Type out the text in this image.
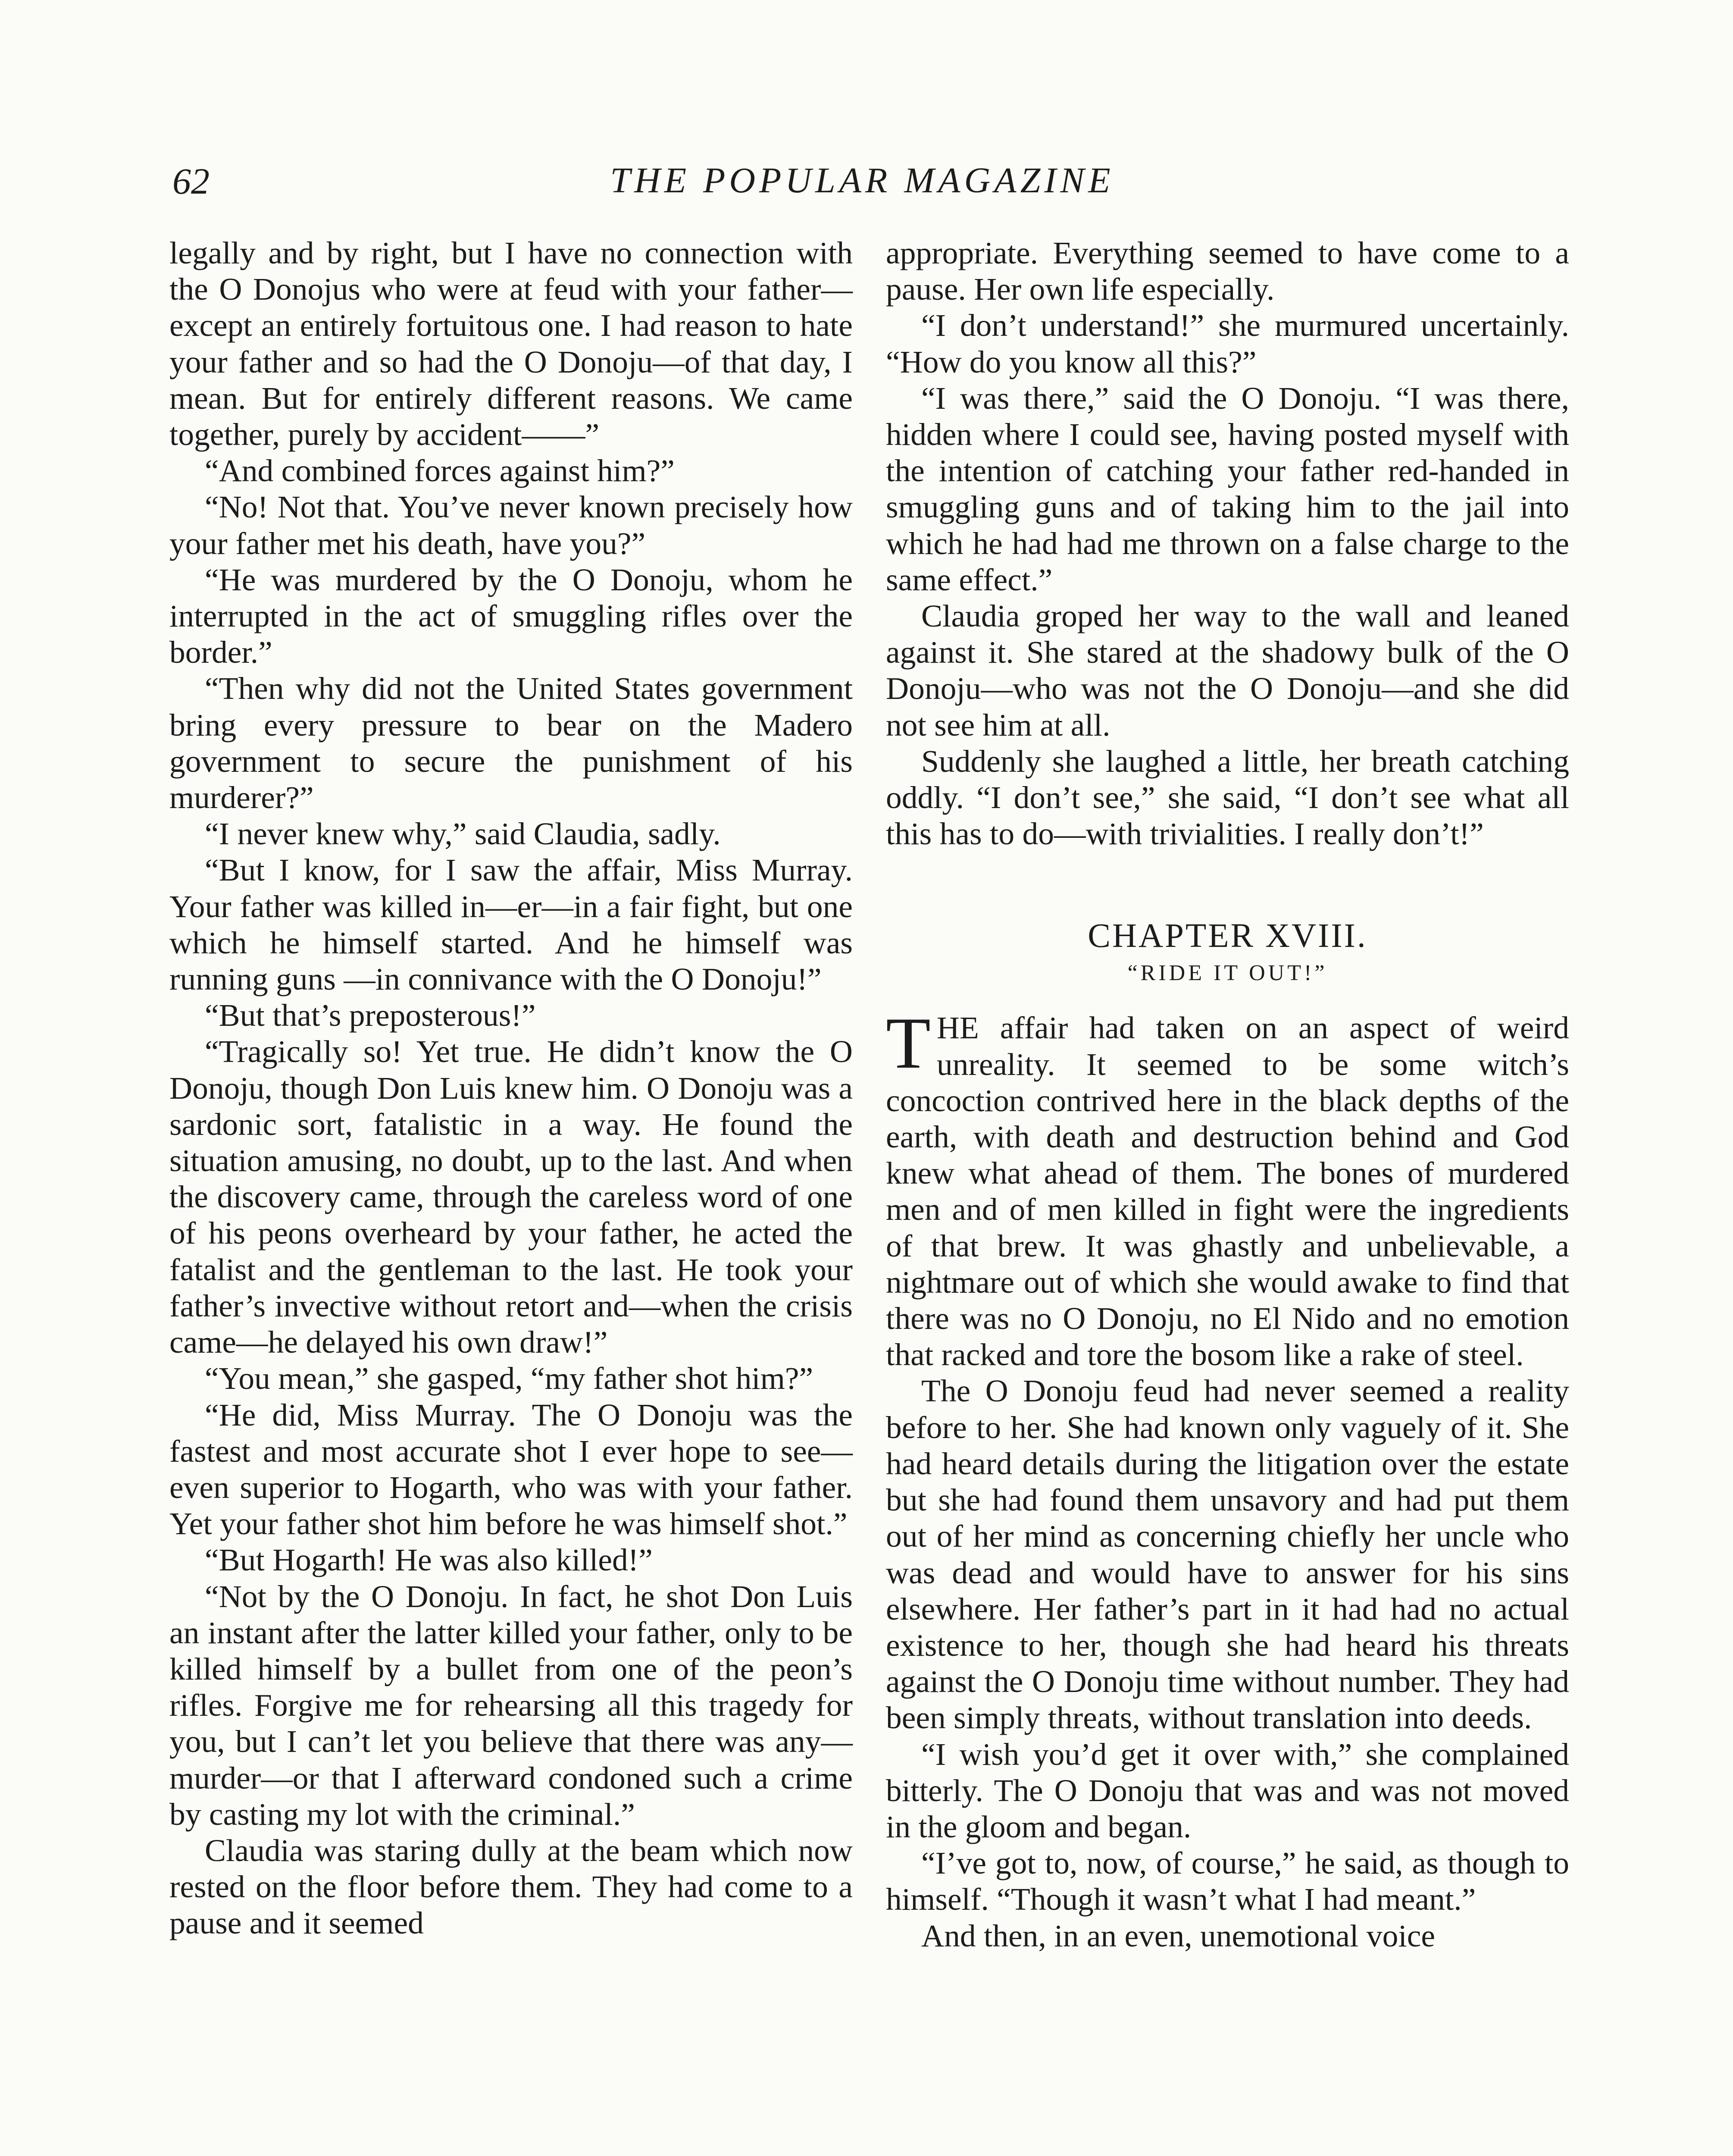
62	THE POPULAR MAGAZINE

legally and by right, but I have no connection with the O Donojus who were at feud with your father—except an entirely fortuitous one. I had reason to hate your father and so had the O Donoju—of that day, I mean. But for entirely different reasons. We came together, purely by accident——”

“And combined forces against him?”

“No! Not that. You’ve never known precisely how your father met his death, have you?”

“He was murdered by the O Donoju, whom he interrupted in the act of smuggling rifles over the border.”

“Then why did not the United States government bring every pressure to bear on the Madero government to secure the punishment of his murderer?”

“I never knew why,” said Claudia, sadly.

“But I know, for I saw the affair, Miss Murray. Your father was killed in—er—in a fair fight, but one which he himself started. And he himself was running guns —in connivance with the O Donoju!”

“But that’s preposterous!”

“Tragically so! Yet true. He didn’t know the O Donoju, though Don Luis knew him. O Donoju was a sardonic sort, fatalistic in a way. He found the situation amusing, no doubt, up to the last. And when the discovery came, through the careless word of one of his peons overheard by your father, he acted the fatalist and the gentleman to the last. He took your father’s invective without retort and—when the crisis came—he delayed his own draw!”

“You mean,” she gasped, “my father shot him?”

“He did, Miss Murray. The O Donoju was the fastest and most accurate shot I ever hope to see—even superior to Hogarth, who was with your father. Yet your father shot him before he was himself shot.”

“But Hogarth! He was also killed!”

“Not by the O Donoju. In fact, he shot Don Luis an instant after the latter killed your father, only to be killed himself by a bullet from one of the peon’s rifles. Forgive me for rehearsing all this tragedy for you, but I can’t let you believe that there was any—murder—or that I afterward condoned such a crime by casting my lot with the criminal.”

Claudia was staring dully at the beam which now rested on the floor before them. They had come to a pause and it seemed

appropriate. Everything seemed to have come to a pause. Her own life especially.

“I don’t understand!” she murmured uncertainly. “How do you know all this?”

“I was there,” said the O Donoju. “I was there, hidden where I could see, having posted myself with the intention of catching your father red-handed in smuggling guns and of taking him to the jail into which he had had me thrown on a false charge to the same effect.”

Claudia groped her way to the wall and leaned against it. She stared at the shadowy bulk of the O Donoju—who was not the O Donoju—and she did not see him at all.

Suddenly she laughed a little, her breath catching oddly. “I don’t see,” she said, “I don’t see what all this has to do—with trivialities. I really don’t!”

CHAPTER XVIII.
“RIDE IT OUT!”

THE affair had taken on an aspect of weird unreality. It seemed to be some witch’s concoction contrived here in the black depths of the earth, with death and destruction behind and God knew what ahead of them. The bones of murdered men and of men killed in fight were the ingredients of that brew. It was ghastly and unbelievable, a nightmare out of which she would awake to find that there was no O Donoju, no El Nido and no emotion that racked and tore the bosom like a rake of steel.

The O Donoju feud had never seemed a reality before to her. She had known only vaguely of it. She had heard details during the litigation over the estate but she had found them unsavory and had put them out of her mind as concerning chiefly her uncle who was dead and would have to answer for his sins elsewhere. Her father’s part in it had had no actual existence to her, though she had heard his threats against the O Donoju time without number. They had been simply threats, without translation into deeds.

“I wish you’d get it over with,” she complained bitterly. The O Donoju that was and was not moved in the gloom and began.

“I’ve got to, now, of course,” he said, as though to himself. “Though it wasn’t what I had meant.”

And then, in an even, unemotional voice
